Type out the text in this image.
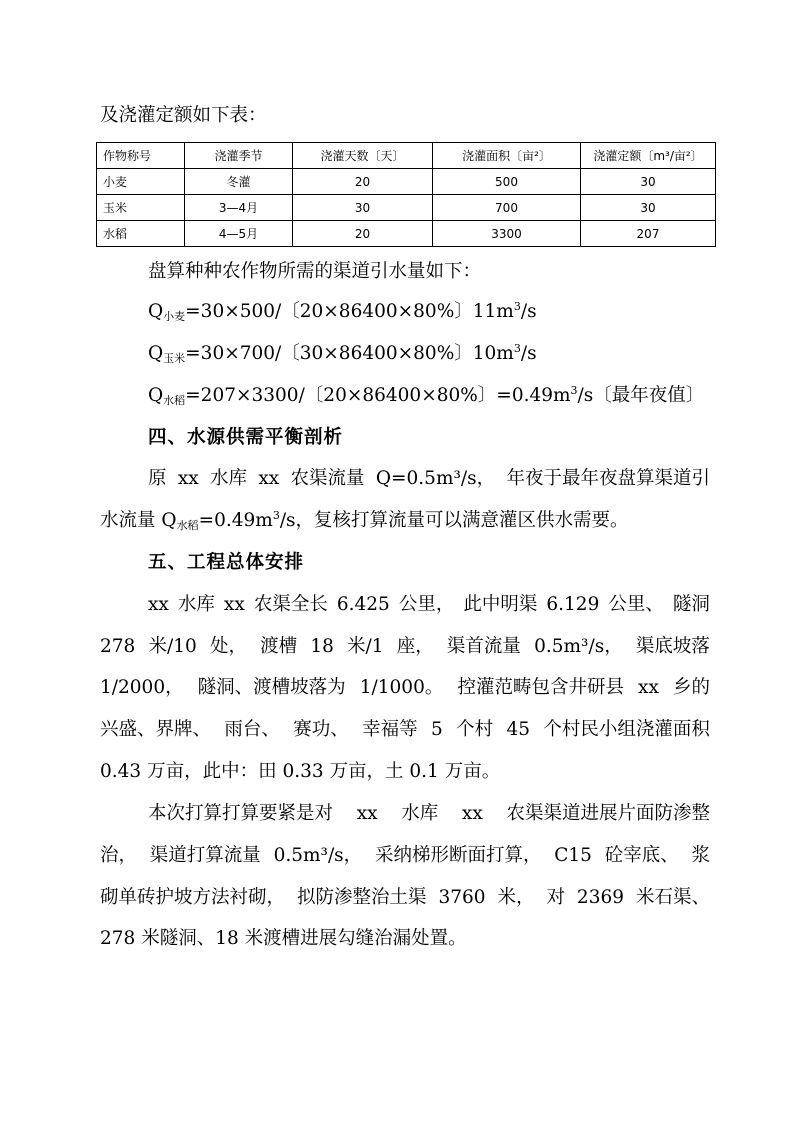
及浇灌定额如下表：
作物称号	浇灌季节	浇灌天数〔天〕	浇灌面积〔亩²〕	浇灌定额〔m³/亩²〕
小麦	冬灌	20	500	30
玉米	3—4月	30	700	30
水稻	4—5月	20	3300	207
盘算种种农作物所需的渠道引水量如下：
$Q_{小麦}=30\times 500/$〔20×86400×80%〕$11m^3/s$
$Q_{玉米}=30\times 700/$〔30×86400×80%〕$10m^3/s$
$Q_{水稻}=207\times 3300/$〔20×86400×80%〕$=0.49m^3/s$〔最年夜值〕
四、水源供需平衡剖析
原 xx 水库 xx 农渠流量 Q=0.5m³/s， 年夜于最年夜盘算渠道引
水流量 $Q_{水稻}=0.49m^3/s$，复核打算流量可以满意灌区供水需要。
五、工程总体安排
xx 水库 xx 农渠全长 6.425 公里， 此中明渠 6.129 公里、 隧洞
278 米/10 处， 渡槽 18 米/1 座， 渠首流量 0.5m³/s， 渠底坡落
1/2000， 隧洞、渡槽坡落为 1/1000。 控灌范畴包含井研县 xx 乡的
兴盛、界牌、 雨台、 赛功、 幸福等 5 个村 45 个村民小组浇灌面积
0.43 万亩，此中：田 0.33 万亩，土 0.1 万亩。
本次打算打算要紧是对 xx 水库 xx 农渠渠道进展片面防渗整
治， 渠道打算流量 0.5m³/s， 采纳梯形断面打算， C15 砼宰底、 浆
砌单砖护坡方法衬砌， 拟防渗整治土渠 3760 米， 对 2369 米石渠、
278 米隧洞、18 米渡槽进展勾缝治漏处置。
